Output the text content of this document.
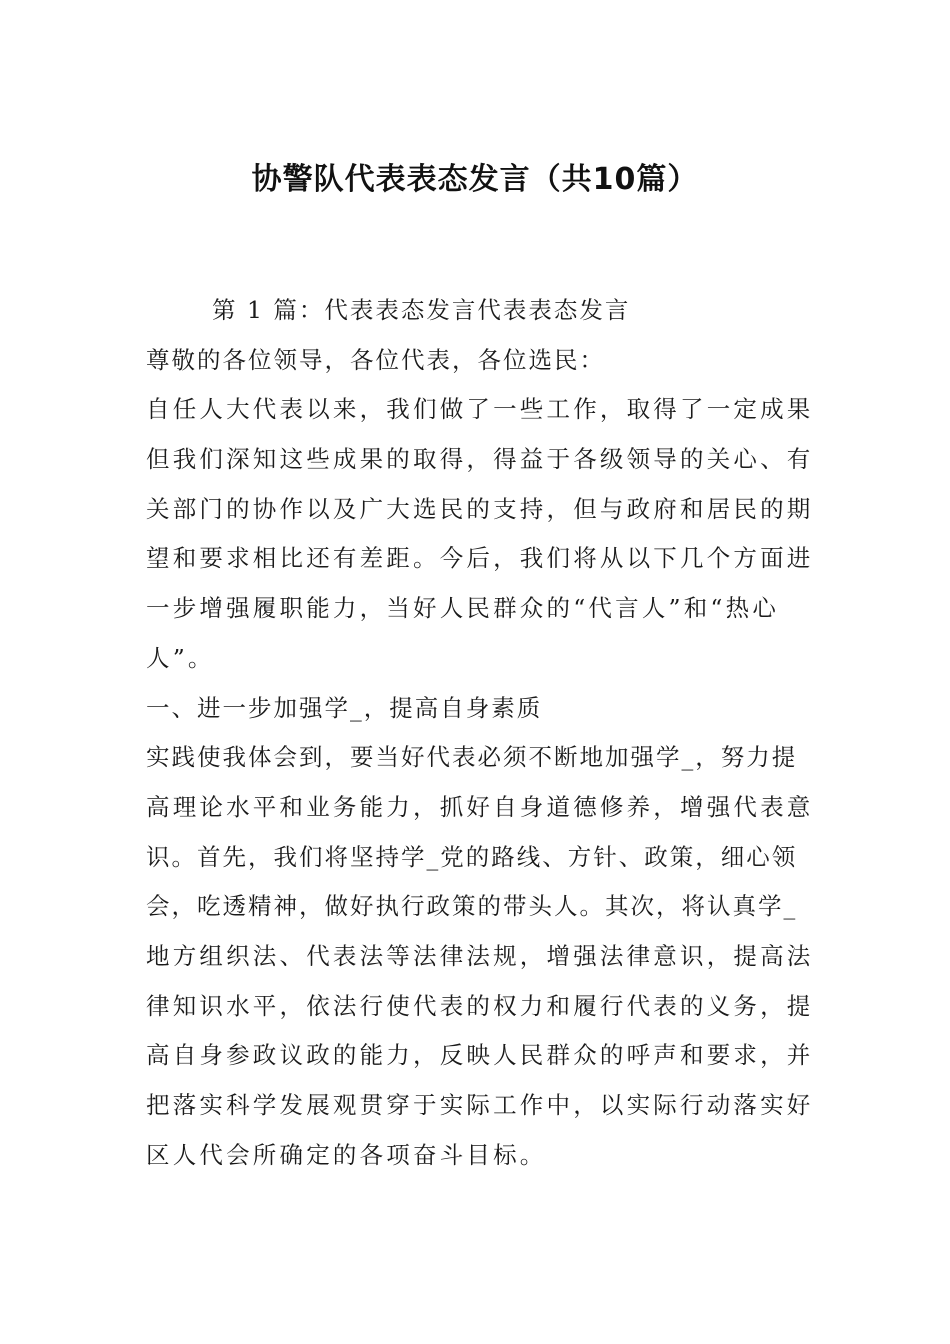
协警队代表表态发言（共10篇）
第 1 篇：代表表态发言代表表态发言
尊敬的各位领导，各位代表，各位选民：
自任人大代表以来，我们做了一些工作，取得了一定成果
但我们深知这些成果的取得，得益于各级领导的关心、有
关部门的协作以及广大选民的支持，但与政府和居民的期
望和要求相比还有差距。今后，我们将从以下几个方面进
一步增强履职能力，当好人民群众的“代言人”和“热心
人”。
一、进一步加强学_，提高自身素质
实践使我体会到，要当好代表必须不断地加强学_，努力提
高理论水平和业务能力，抓好自身道德修养，增强代表意
识。首先，我们将坚持学_党的路线、方针、政策，细心领
会，吃透精神，做好执行政策的带头人。其次，将认真学_
地方组织法、代表法等法律法规，增强法律意识，提高法
律知识水平，依法行使代表的权力和履行代表的义务，提
高自身参政议政的能力，反映人民群众的呼声和要求，并
把落实科学发展观贯穿于实际工作中，以实际行动落实好
区人代会所确定的各项奋斗目标。
